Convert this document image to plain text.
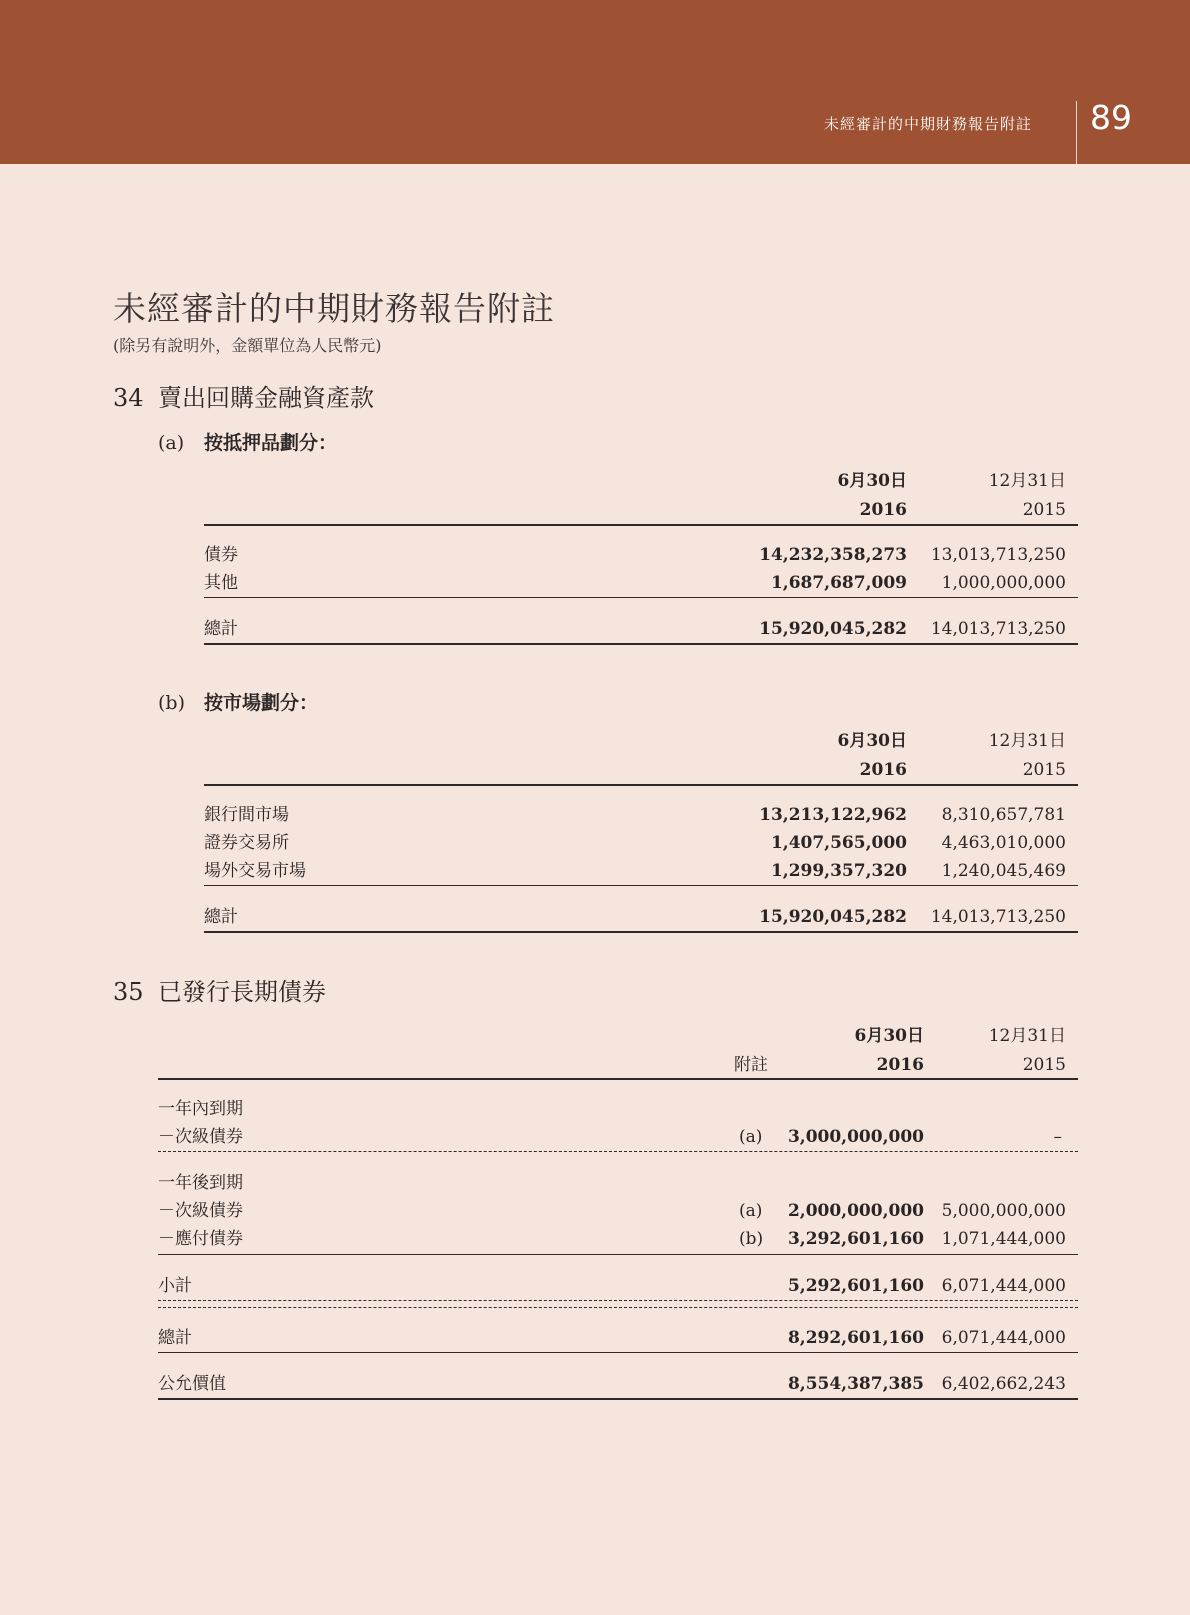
未經審計的中期財務報告附註 89
未經審計的中期財務報告附註
(除另有說明外，金額單位為人民幣元)
34 賣出回購金融資產款
(a) 按抵押品劃分：
6月30日
2016
12月31日
2015
債券	14,232,358,273	13,013,713,250
其他	1,687,687,009	1,000,000,000
總計	15,920,045,282	14,013,713,250
(b) 按市場劃分：
6月30日
2016
12月31日
2015
銀行間市場	13,213,122,962	8,310,657,781
證券交易所	1,407,565,000	4,463,010,000
場外交易市場	1,299,357,320	1,240,045,469
總計	15,920,045,282	14,013,713,250
35 已發行長期債券
6月30日
2016
12月31日
2015
附註
一年內到期
－次級債券	(a)	3,000,000,000	–
一年後到期
－次級債券	(a)	2,000,000,000	5,000,000,000
－應付債券	(b)	3,292,601,160	1,071,444,000
小計	5,292,601,160	6,071,444,000
總計	8,292,601,160	6,071,444,000
公允價值	8,554,387,385	6,402,662,243
